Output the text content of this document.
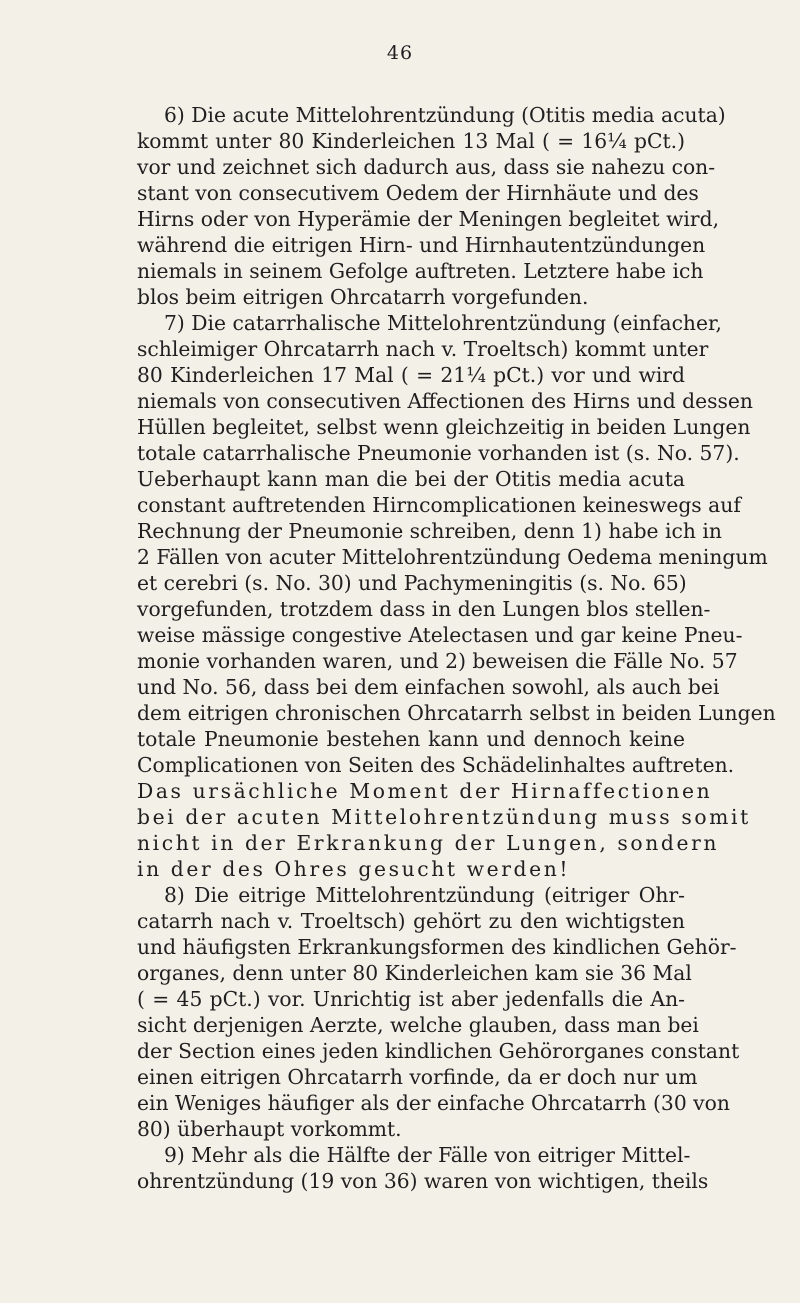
46
6) Die acute Mittelohrentzündung (Otitis media acuta)
kommt unter 80 Kinderleichen 13 Mal ( = 16¼ pCt.)
vor und zeichnet sich dadurch aus, dass sie nahezu con-
stant von consecutivem Oedem der Hirnhäute und des
Hirns oder von Hyperämie der Meningen begleitet wird,
während die eitrigen Hirn- und Hirnhautentzündungen
niemals in seinem Gefolge auftreten. Letztere habe ich
blos beim eitrigen Ohrcatarrh vorgefunden.
7) Die catarrhalische Mittelohrentzündung (einfacher,
schleimiger Ohrcatarrh nach v. Troeltsch) kommt unter
80 Kinderleichen 17 Mal ( = 21¼ pCt.) vor und wird
niemals von consecutiven Affectionen des Hirns und dessen
Hüllen begleitet, selbst wenn gleichzeitig in beiden Lungen
totale catarrhalische Pneumonie vorhanden ist (s. No. 57).
Ueberhaupt kann man die bei der Otitis media acuta
constant auftretenden Hirncomplicationen keineswegs auf
Rechnung der Pneumonie schreiben, denn 1) habe ich in
2 Fällen von acuter Mittelohrentzündung Oedema meningum
et cerebri (s. No. 30) und Pachymeningitis (s. No. 65)
vorgefunden, trotzdem dass in den Lungen blos stellen-
weise mässige congestive Atelectasen und gar keine Pneu-
monie vorhanden waren, und 2) beweisen die Fälle No. 57
und No. 56, dass bei dem einfachen sowohl, als auch bei
dem eitrigen chronischen Ohrcatarrh selbst in beiden Lungen
totale Pneumonie bestehen kann und dennoch keine
Complicationen von Seiten des Schädelinhaltes auftreten.
Das ursächliche Moment der Hirnaffectionen
bei der acuten Mittelohrentzündung muss somit
nicht in der Erkrankung der Lungen, sondern
in der des Ohres gesucht werden!
8) Die eitrige Mittelohrentzündung (eitriger Ohr-
catarrh nach v. Troeltsch) gehört zu den wichtigsten
und häufigsten Erkrankungsformen des kindlichen Gehör-
organes, denn unter 80 Kinderleichen kam sie 36 Mal
( = 45 pCt.) vor. Unrichtig ist aber jedenfalls die An-
sicht derjenigen Aerzte, welche glauben, dass man bei
der Section eines jeden kindlichen Gehörorganes constant
einen eitrigen Ohrcatarrh vorfinde, da er doch nur um
ein Weniges häufiger als der einfache Ohrcatarrh (30 von
80) überhaupt vorkommt.
9) Mehr als die Hälfte der Fälle von eitriger Mittel-
ohrentzündung (19 von 36) waren von wichtigen, theils
